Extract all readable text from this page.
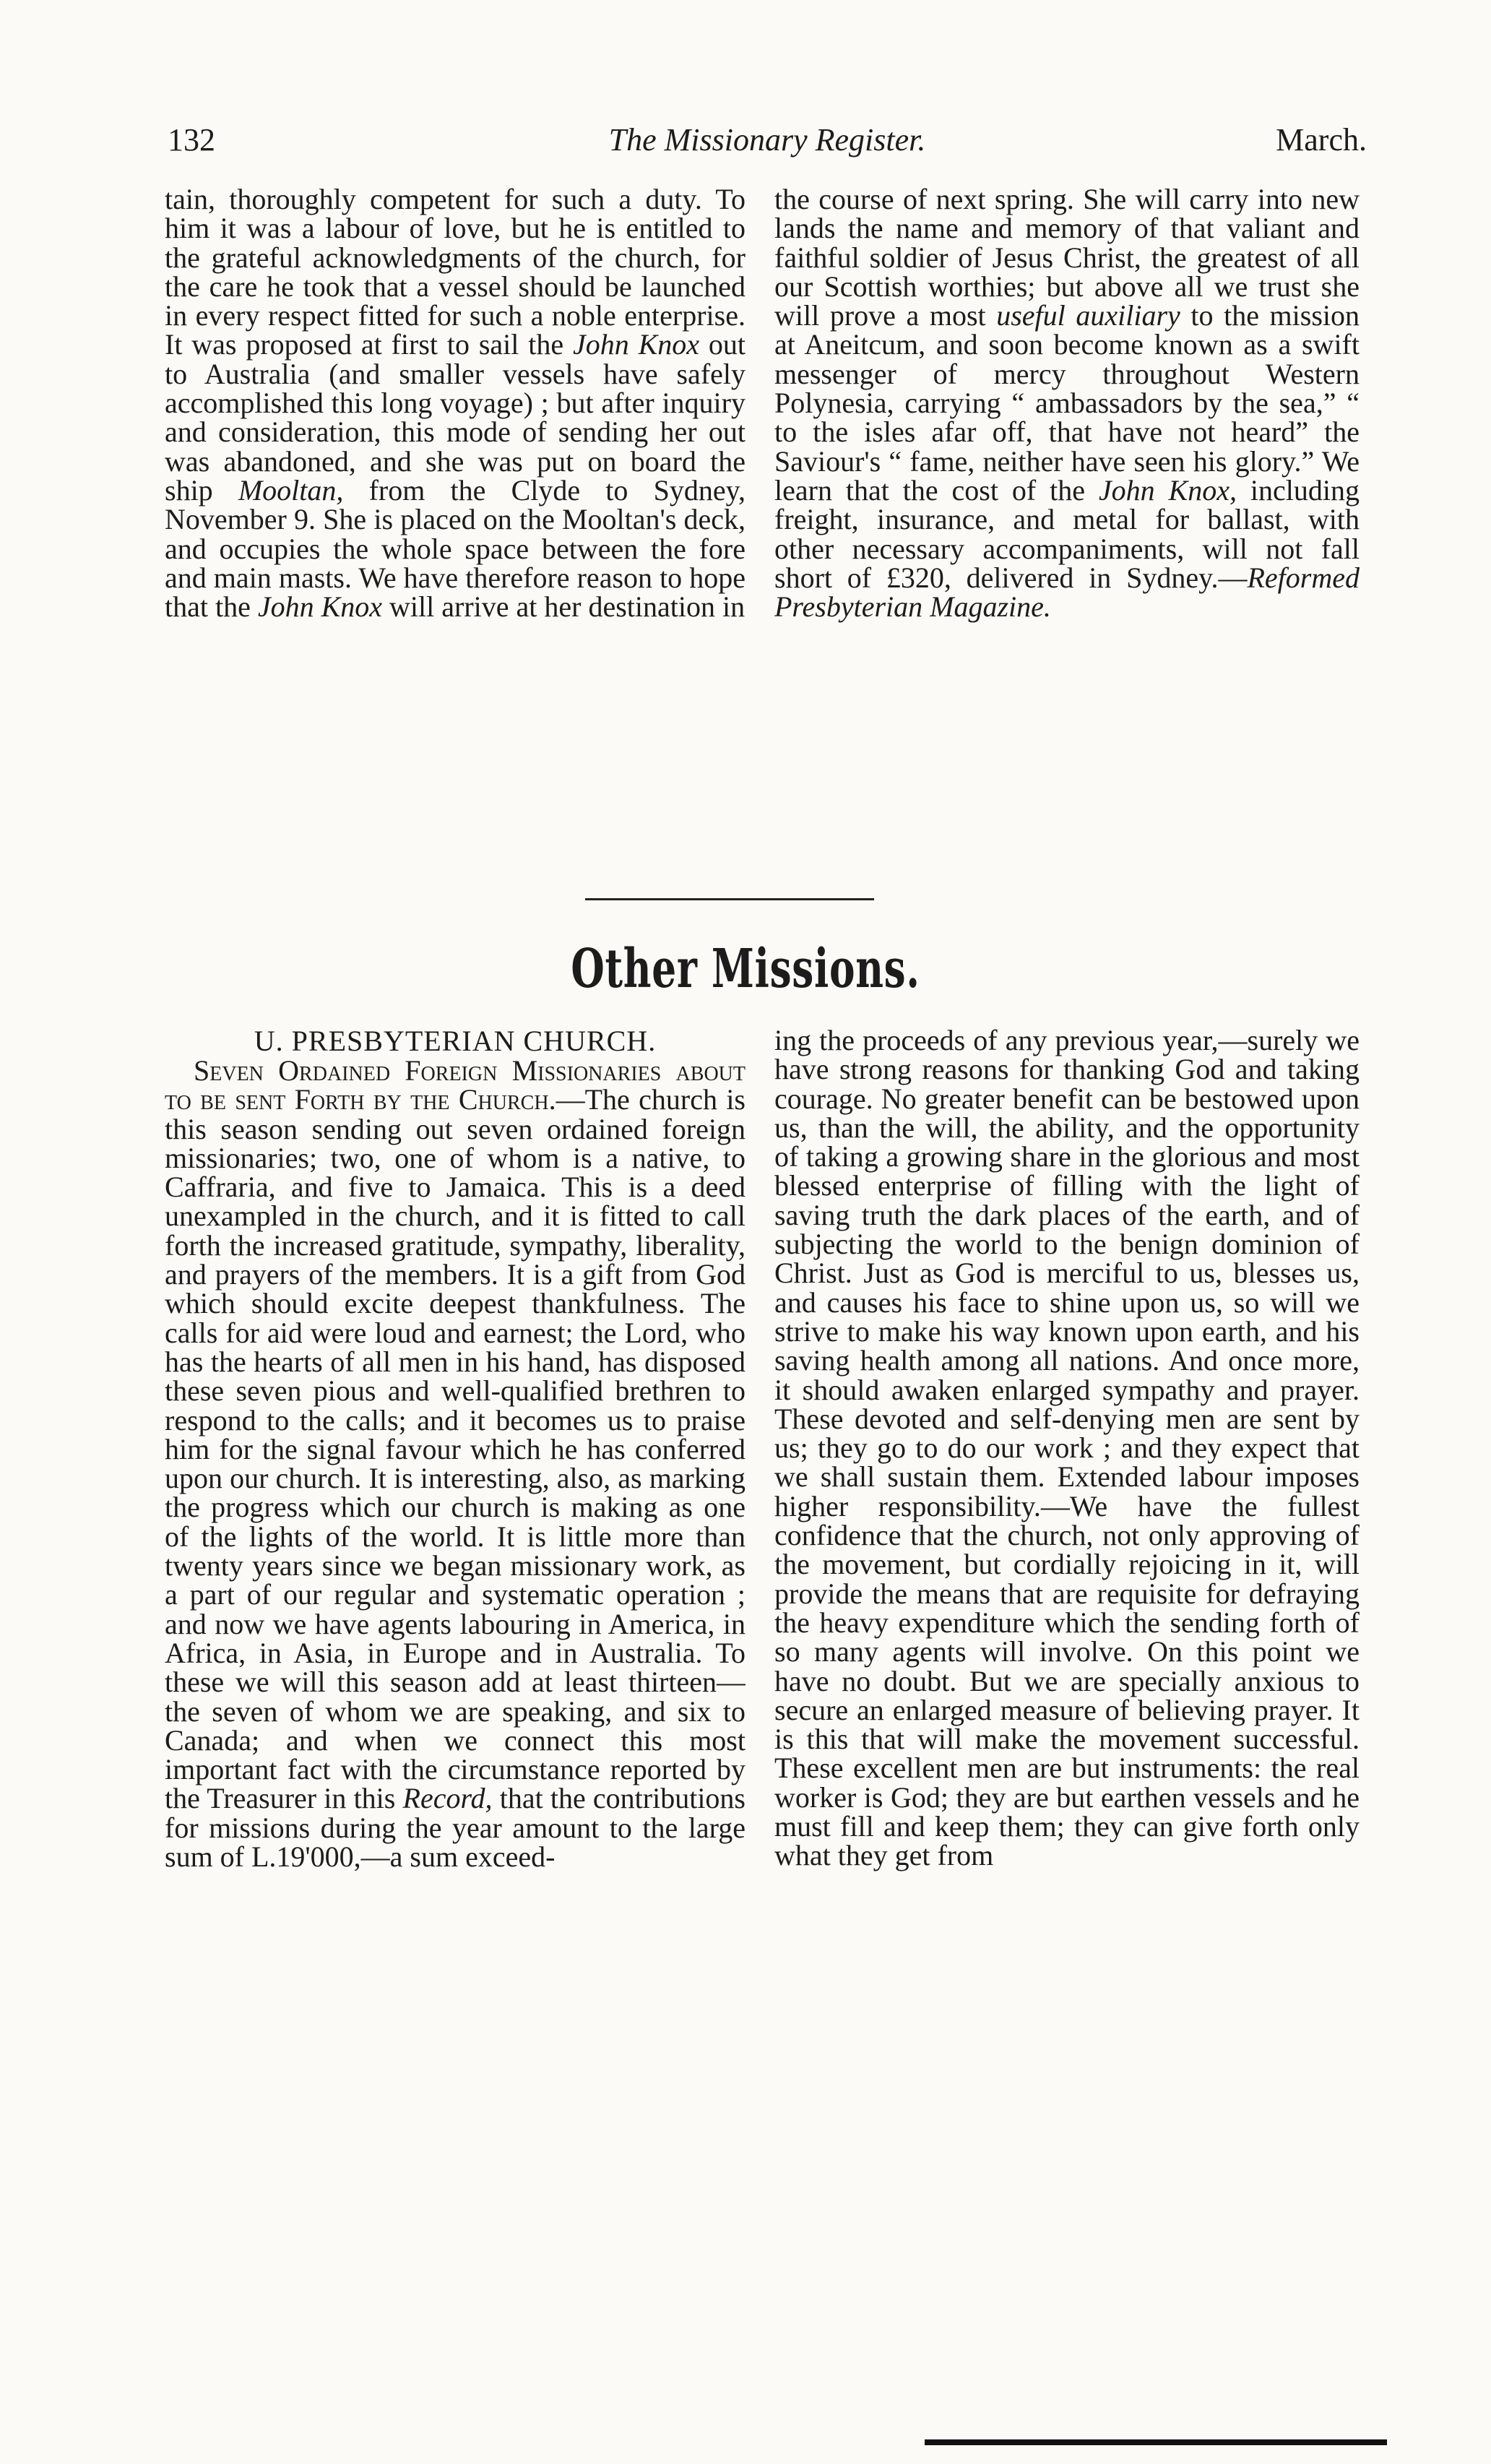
132	The Missionary Register.	March.

tain, thoroughly competent for such a duty. To him it was a labour of love, but he is entitled to the grateful acknowledgments of the church, for the care he took that a vessel should be launched in every respect fitted for such a noble enterprise. It was proposed at first to sail the John Knox out to Australia (and smaller vessels have safely accomplished this long voyage) ; but after inquiry and consideration, this mode of sending her out was abandoned, and she was put on board the ship Mooltan, from the Clyde to Sydney, November 9. She is placed on the Mooltan's deck, and occupies the whole space between the fore and main masts. We have therefore reason to hope that the John Knox will arrive at her destination in

the course of next spring. She will carry into new lands the name and memory of that valiant and faithful soldier of Jesus Christ, the greatest of all our Scottish worthies; but above all we trust she will prove a most useful auxiliary to the mission at Aneitcum, and soon become known as a swift messenger of mercy throughout Western Polynesia, carrying “ ambassadors by the sea,” “ to the isles afar off, that have not heard” the Saviour's “ fame, neither have seen his glory.” We learn that the cost of the John Knox, including freight, insurance, and metal for ballast, with other necessary accompaniments, will not fall short of £320, delivered in Sydney.—Reformed Presbyterian Magazine.

Other Missions.

U. PRESBYTERIAN CHURCH.

 Seven Ordained Foreign Missionaries about to be sent Forth by the Church.—The church is this season sending out seven ordained foreign missionaries; two, one of whom is a native, to Caffraria, and five to Jamaica. This is a deed unexampled in the church, and it is fitted to call forth the increased gratitude, sympathy, liberality, and prayers of the members. It is a gift from God which should excite deepest thankfulness. The calls for aid were loud and earnest; the Lord, who has the hearts of all men in his hand, has disposed these seven pious and well-qualified brethren to respond to the calls; and it becomes us to praise him for the signal favour which he has conferred upon our church. It is interesting, also, as marking the progress which our church is making as one of the lights of the world. It is little more than twenty years since we began missionary work, as a part of our regular and systematic operation ; and now we have agents labouring in America, in Africa, in Asia, in Europe and in Australia. To these we will this season add at least thirteen—the seven of whom we are speaking, and six to Canada; and when we connect this most important fact with the circumstance reported by the Treasurer in this Record, that the contributions for missions during the year amount to the large sum of L.19'000,—a sum exceed-

ing the proceeds of any previous year,—surely we have strong reasons for thanking God and taking courage. No greater benefit can be bestowed upon us, than the will, the ability, and the opportunity of taking a growing share in the glorious and most blessed enterprise of filling with the light of saving truth the dark places of the earth, and of subjecting the world to the benign dominion of Christ. Just as God is merciful to us, blesses us, and causes his face to shine upon us, so will we strive to make his way known upon earth, and his saving health among all nations. And once more, it should awaken enlarged sympathy and prayer. These devoted and self-denying men are sent by us; they go to do our work ; and they expect that we shall sustain them. Extended labour imposes higher responsibility.—We have the fullest confidence that the church, not only approving of the movement, but cordially rejoicing in it, will provide the means that are requisite for defraying the heavy expenditure which the sending forth of so many agents will involve. On this point we have no doubt. But we are specially anxious to secure an enlarged measure of believing prayer. It is this that will make the movement successful. These excellent men are but instruments: the real worker is God; they are but earthen vessels and he must fill and keep them; they can give forth only what they get from
